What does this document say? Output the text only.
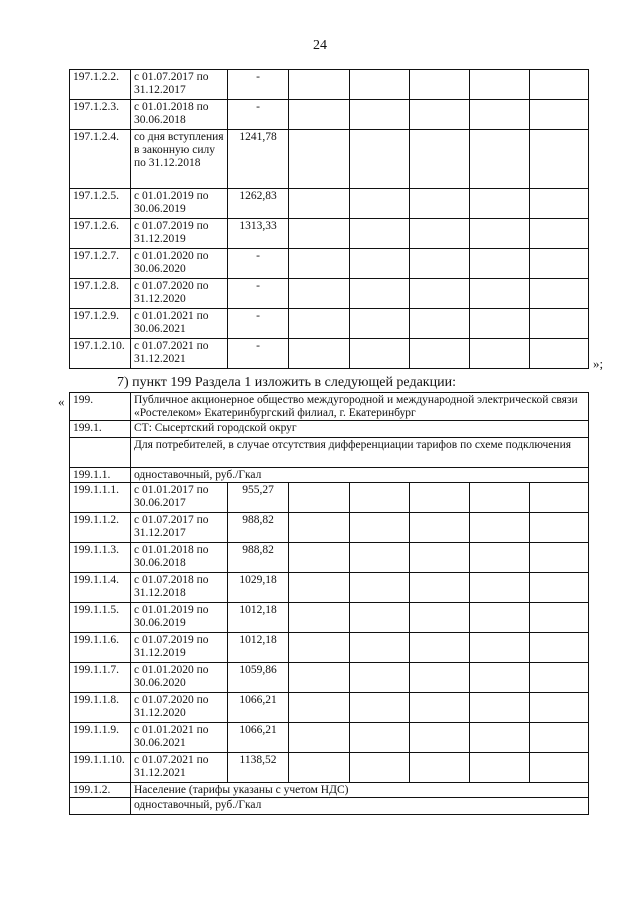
24
197.1.2.2.	с 01.07.2017 по 31.12.2017	-					
197.1.2.3.	с 01.01.2018 по 30.06.2018	-					
197.1.2.4.	со дня вступления в законную силу по 31.12.2018	1241,78					
197.1.2.5.	с 01.01.2019 по 30.06.2019	1262,83					
197.1.2.6.	с 01.07.2019 по 31.12.2019	1313,33					
197.1.2.7.	с 01.01.2020 по 30.06.2020	-					
197.1.2.8.	с 01.07.2020 по 31.12.2020	-					
197.1.2.9.	с 01.01.2021 по 30.06.2021	-					
197.1.2.10.	с 01.07.2021 по 31.12.2021	-					
»;
7) пункт 199 Раздела 1 изложить в следующей редакции:
« 199.	Публичное акционерное общество междугородной и международной электрической связи «Ростелеком» Екатеринбургский филиал, г. Екатеринбург						
199.1.	СТ: Сысертский городской округ						
	Для потребителей, в случае отсутствия дифференциации тарифов по схеме подключения						
199.1.1.	одноставочный, руб./Гкал						
199.1.1.1.	с 01.01.2017 по 30.06.2017	955,27					
199.1.1.2.	с 01.07.2017 по 31.12.2017	988,82					
199.1.1.3.	с 01.01.2018 по 30.06.2018	988,82					
199.1.1.4.	с 01.07.2018 по 31.12.2018	1029,18					
199.1.1.5.	с 01.01.2019 по 30.06.2019	1012,18					
199.1.1.6.	с 01.07.2019 по 31.12.2019	1012,18					
199.1.1.7.	с 01.01.2020 по 30.06.2020	1059,86					
199.1.1.8.	с 01.07.2020 по 31.12.2020	1066,21					
199.1.1.9.	с 01.01.2021 по 30.06.2021	1066,21					
199.1.1.10.	с 01.07.2021 по 31.12.2021	1138,52					
199.1.2.	Население (тарифы указаны с учетом НДС)						
	одноставочный, руб./Гкал						
